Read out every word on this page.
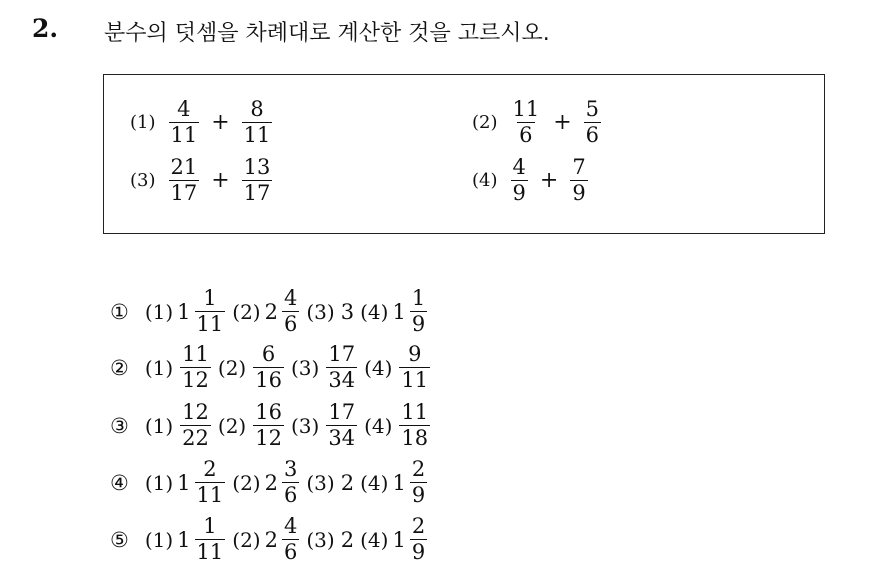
2. 분수의 덧셈을 차례대로 계산한 것을 고르시오.
$(1) \frac{4}{11} + \frac{8}{11}$	$(2) \frac{11}{6} + \frac{5}{6}$
$(3) \frac{21}{17} + \frac{13}{17}$	$(4) \frac{4}{9} + \frac{7}{9}$
① (1) $1 \frac{1}{11} (2)$ $2 \frac{4}{6} (3)$ 3 (4) $1 \frac{1}{9}$
② $(1) \frac{11}{12} (2) \frac{6}{16} (3) \frac{17}{34} (4) \frac{9}{11}$
③ $(1) \frac{12}{22} (2) \frac{16}{12} (3) \frac{17}{34} (4) \frac{11}{18}$
④ (1) $1 \frac{2}{11} (2)$ $2 \frac{3}{6} (3)$ 2 (4) $1 \frac{2}{9}$
⑤ (1) $1 \frac{1}{11} (2)$ $2 \frac{4}{6} (3)$ 2 (4) $1 \frac{2}{9}$
